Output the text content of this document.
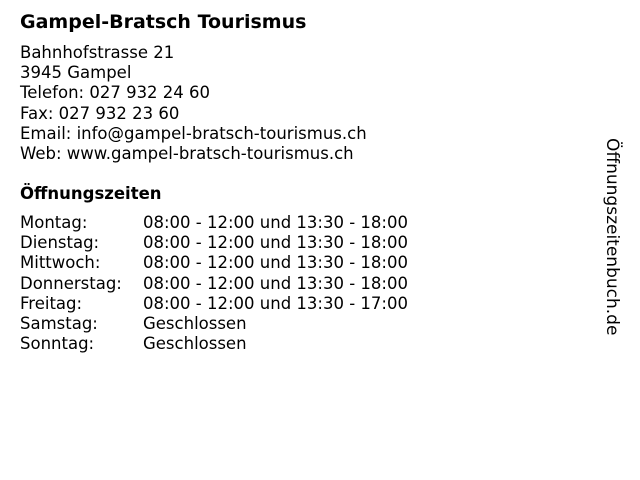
Gampel-Bratsch Tourismus
Bahnhofstrasse 21
3945 Gampel
Telefon: 027 932 24 60
Fax: 027 932 23 60
Email: info@gampel-bratsch-tourismus.ch
Web: www.gampel-bratsch-tourismus.ch
Öffnungszeiten
Montag:	08:00 - 12:00 und 13:30 - 18:00
Dienstag:	08:00 - 12:00 und 13:30 - 18:00
Mittwoch:	08:00 - 12:00 und 13:30 - 18:00
Donnerstag:	08:00 - 12:00 und 13:30 - 18:00
Freitag:	08:00 - 12:00 und 13:30 - 17:00
Samstag:	Geschlossen
Sonntag:	Geschlossen
Öffnungszeitenbuch.de
